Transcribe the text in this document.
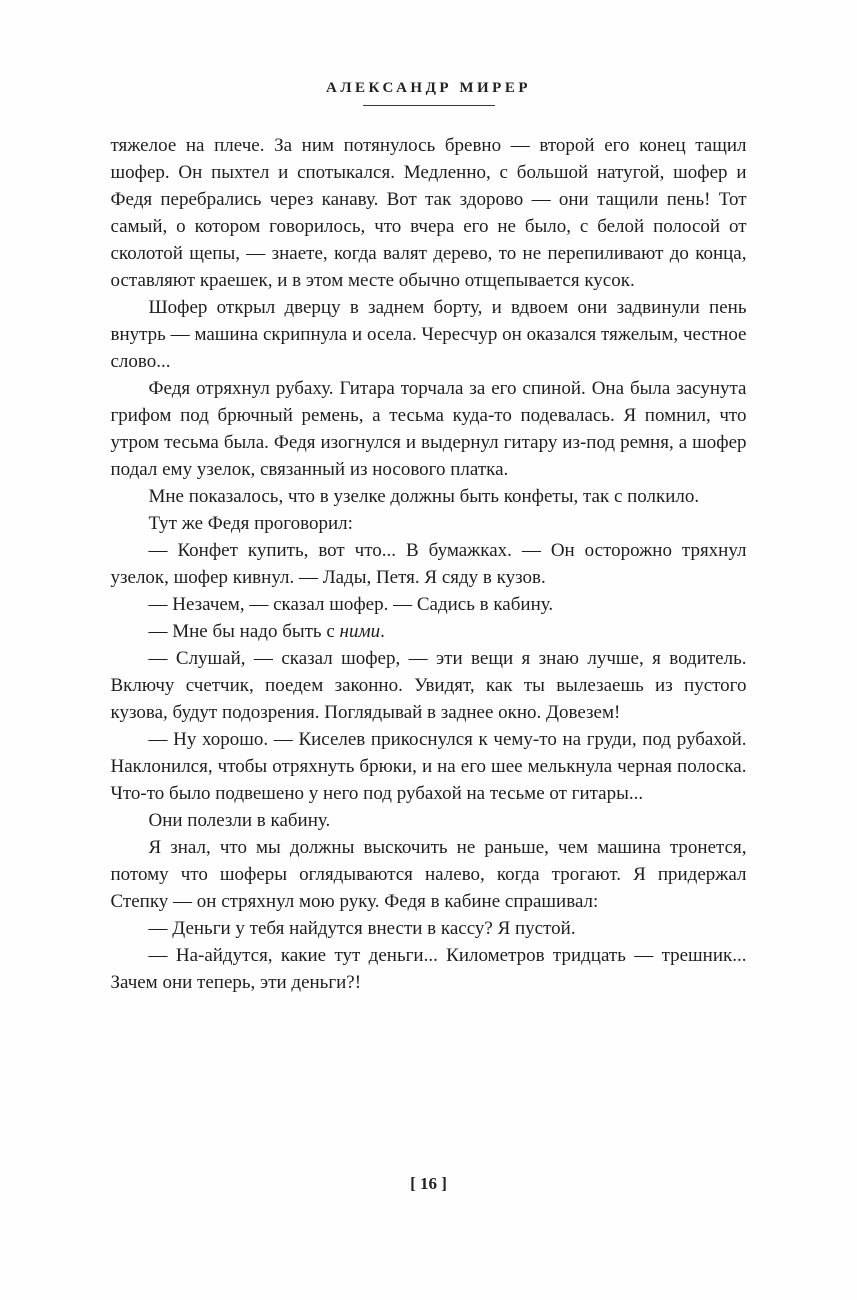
АЛЕКСАНДР МИРЕР

тяжелое на плече. За ним потянулось бревно — второй его конец тащил шофер. Он пыхтел и спотыкался. Медленно, с большой натугой, шофер и Федя перебрались через канаву. Вот так здорово — они тащили пень! Тот самый, о котором говорилось, что вчера его не было, с белой полосой от сколотой щепы, — знаете, когда валят дерево, то не перепиливают до конца, оставляют краешек, и в этом месте обычно отщепывается кусок.

Шофер открыл дверцу в заднем борту, и вдвоем они задвинули пень внутрь — машина скрипнула и осела. Чересчур он оказался тяжелым, честное слово...

Федя отряхнул рубаху. Гитара торчала за его спиной. Она была засунута грифом под брючный ремень, а тесьма куда-то подевалась. Я помнил, что утром тесьма была. Федя изогнулся и выдернул гитару из-под ремня, а шофер подал ему узелок, связанный из носового платка.

Мне показалось, что в узелке должны быть конфеты, так с полкило.

Тут же Федя проговорил:

— Конфет купить, вот что... В бумажках. — Он осторожно тряхнул узелок, шофер кивнул. — Лады, Петя. Я сяду в кузов.

— Незачем, — сказал шофер. — Садись в кабину.

— Мне бы надо быть с ними.

— Слушай, — сказал шофер, — эти вещи я знаю лучше, я водитель. Включу счетчик, поедем законно. Увидят, как ты вылезаешь из пустого кузова, будут подозрения. Поглядывай в заднее окно. Довезем!

— Ну хорошо. — Киселев прикоснулся к чему-то на груди, под рубахой. Наклонился, чтобы отряхнуть брюки, и на его шее мелькнула черная полоска. Что-то было подвешено у него под рубахой на тесьме от гитары...

Они полезли в кабину.

Я знал, что мы должны выскочить не раньше, чем машина тронется, потому что шоферы оглядываются налево, когда трогают. Я придержал Степку — он стряхнул мою руку. Федя в кабине спрашивал:

— Деньги у тебя найдутся внести в кассу? Я пустой.

— На-айдутся, какие тут деньги... Километров тридцать — трешник... Зачем они теперь, эти деньги?!

[ 16 ]
